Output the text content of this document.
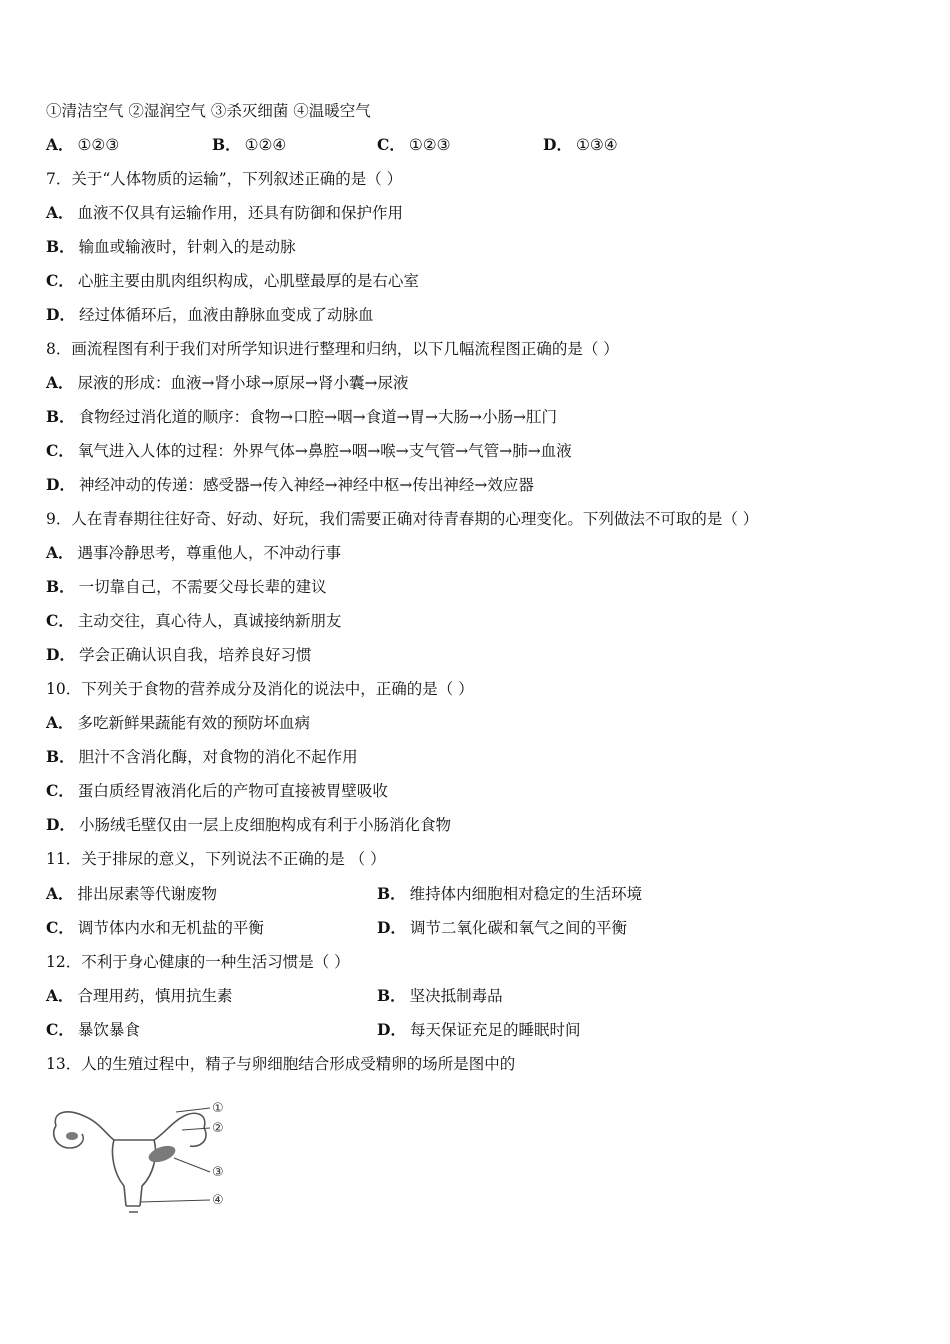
①清洁空气 ②湿润空气 ③杀灭细菌 ④温暖空气
A． ①②③	B． ①②④	C． ①②③	D． ①③④
7．关于“人体物质的运输”，下列叙述正确的是（ ）
A． 血液不仅具有运输作用，还具有防御和保护作用
B． 输血或输液时，针刺入的是动脉
C． 心脏主要由肌肉组织构成，心肌壁最厚的是右心室
D． 经过体循环后，血液由静脉血变成了动脉血
8．画流程图有利于我们对所学知识进行整理和归纳，以下几幅流程图正确的是（ ）
A． 尿液的形成：血液→肾小球→原尿→肾小囊→尿液
B． 食物经过消化道的顺序：食物→口腔→咽→食道→胃→大肠→小肠→肛门
C． 氧气进入人体的过程：外界气体→鼻腔→咽→喉→支气管→气管→肺→血液
D． 神经冲动的传递：感受器→传入神经→神经中枢→传出神经→效应器
9．人在青春期往往好奇、好动、好玩，我们需要正确对待青春期的心理变化。下列做法不可取的是（ ）
A． 遇事冷静思考，尊重他人，不冲动行事
B． 一切靠自己，不需要父母长辈的建议
C． 主动交往，真心待人，真诚接纳新朋友
D． 学会正确认识自我，培养良好习惯
10．下列关于食物的营养成分及消化的说法中，正确的是（ ）
A． 多吃新鲜果蔬能有效的预防坏血病
B． 胆汁不含消化酶，对食物的消化不起作用
C． 蛋白质经胃液消化后的产物可直接被胃壁吸收
D． 小肠绒毛壁仅由一层上皮细胞构成有利于小肠消化食物
11．关于排尿的意义，下列说法不正确的是 （ ）
A． 排出尿素等代谢废物	B． 维持体内细胞相对稳定的生活环境
C． 调节体内水和无机盐的平衡	D． 调节二氧化碳和氧气之间的平衡
12．不利于身心健康的一种生活习惯是（ ）
A． 合理用药，慎用抗生素	B． 坚决抵制毒品
C． 暴饮暴食	D． 每天保证充足的睡眠时间
13．人的生殖过程中，精子与卵细胞结合形成受精卵的场所是图中的
①
②
③
④
